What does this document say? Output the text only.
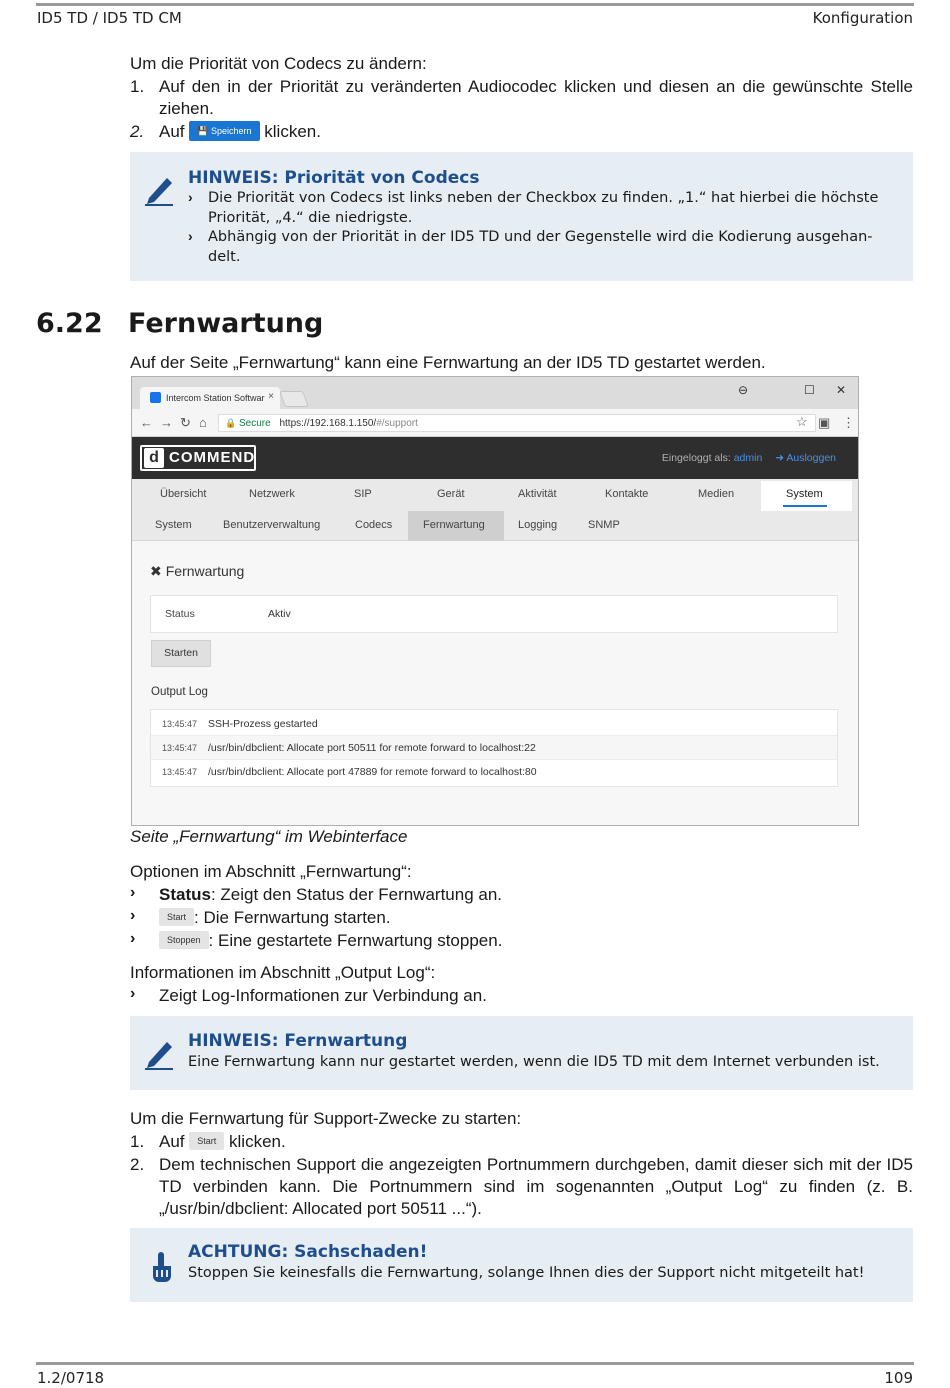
ID5 TD / ID5 TD CM	Konfiguration
Um die Priorität von Codecs zu ändern:
1. Auf den in der Priorität zu veränderten Audiocodec klicken und diesen an die gewünschte Stelle ziehen.
2. Auf 💾 Speichern klicken.
HINWEIS: Priorität von Codecs
› Die Priorität von Codecs ist links neben der Checkbox zu finden. „1.“ hat hierbei die höchste Priorität, „4.“ die niedrigste.
› Abhängig von der Priorität in der ID5 TD und der Gegenstelle wird die Kodierung ausgehan-delt.
6.22 Fernwartung
Auf der Seite „Fernwartung“ kann eine Fernwartung an der ID5 TD gestartet werden.
Intercom Station Softwar ×	⊖	☐ ✕
← → ↻ ⌂	🔒 Secure https://192.168.1.150/#/support	☆ ▣ ⋮
d COMMEND	Eingeloggt als: admin ➜ Ausloggen
Übersicht	Netzwerk	SIP	Gerät	Aktivität	Kontakte	Medien	System
System	Benutzerverwaltung	Codecs	Fernwartung	Logging	SNMP
✖ Fernwartung
Status	Aktiv
Starten
Output Log
13:45:47 SSH-Prozess gestarted
13:45:47 /usr/bin/dbclient: Allocate port 50511 for remote forward to localhost:22
13:45:47 /usr/bin/dbclient: Allocate port 47889 for remote forward to localhost:80
Seite „Fernwartung“ im Webinterface
Optionen im Abschnitt „Fernwartung“:
› Status: Zeigt den Status der Fernwartung an.
›	Start : Die Fernwartung starten.
›	Stoppen : Eine gestartete Fernwartung stoppen.
Informationen im Abschnitt „Output Log“:
› Zeigt Log-Informationen zur Verbindung an.
HINWEIS: Fernwartung
Eine Fernwartung kann nur gestartet werden, wenn die ID5 TD mit dem Internet verbunden ist.
Um die Fernwartung für Support-Zwecke zu starten:
1. Auf Start klicken.
2. Dem technischen Support die angezeigten Portnummern durchgeben, damit dieser sich mit der ID5 TD verbinden kann. Die Portnummern sind im sogenannten „Output Log“ zu finden (z. B. „/usr/bin/dbclient: Allocated port 50511 ...“).
ACHTUNG: Sachschaden!
Stoppen Sie keinesfalls die Fernwartung, solange Ihnen dies der Support nicht mitgeteilt hat!
1.2/0718	109
